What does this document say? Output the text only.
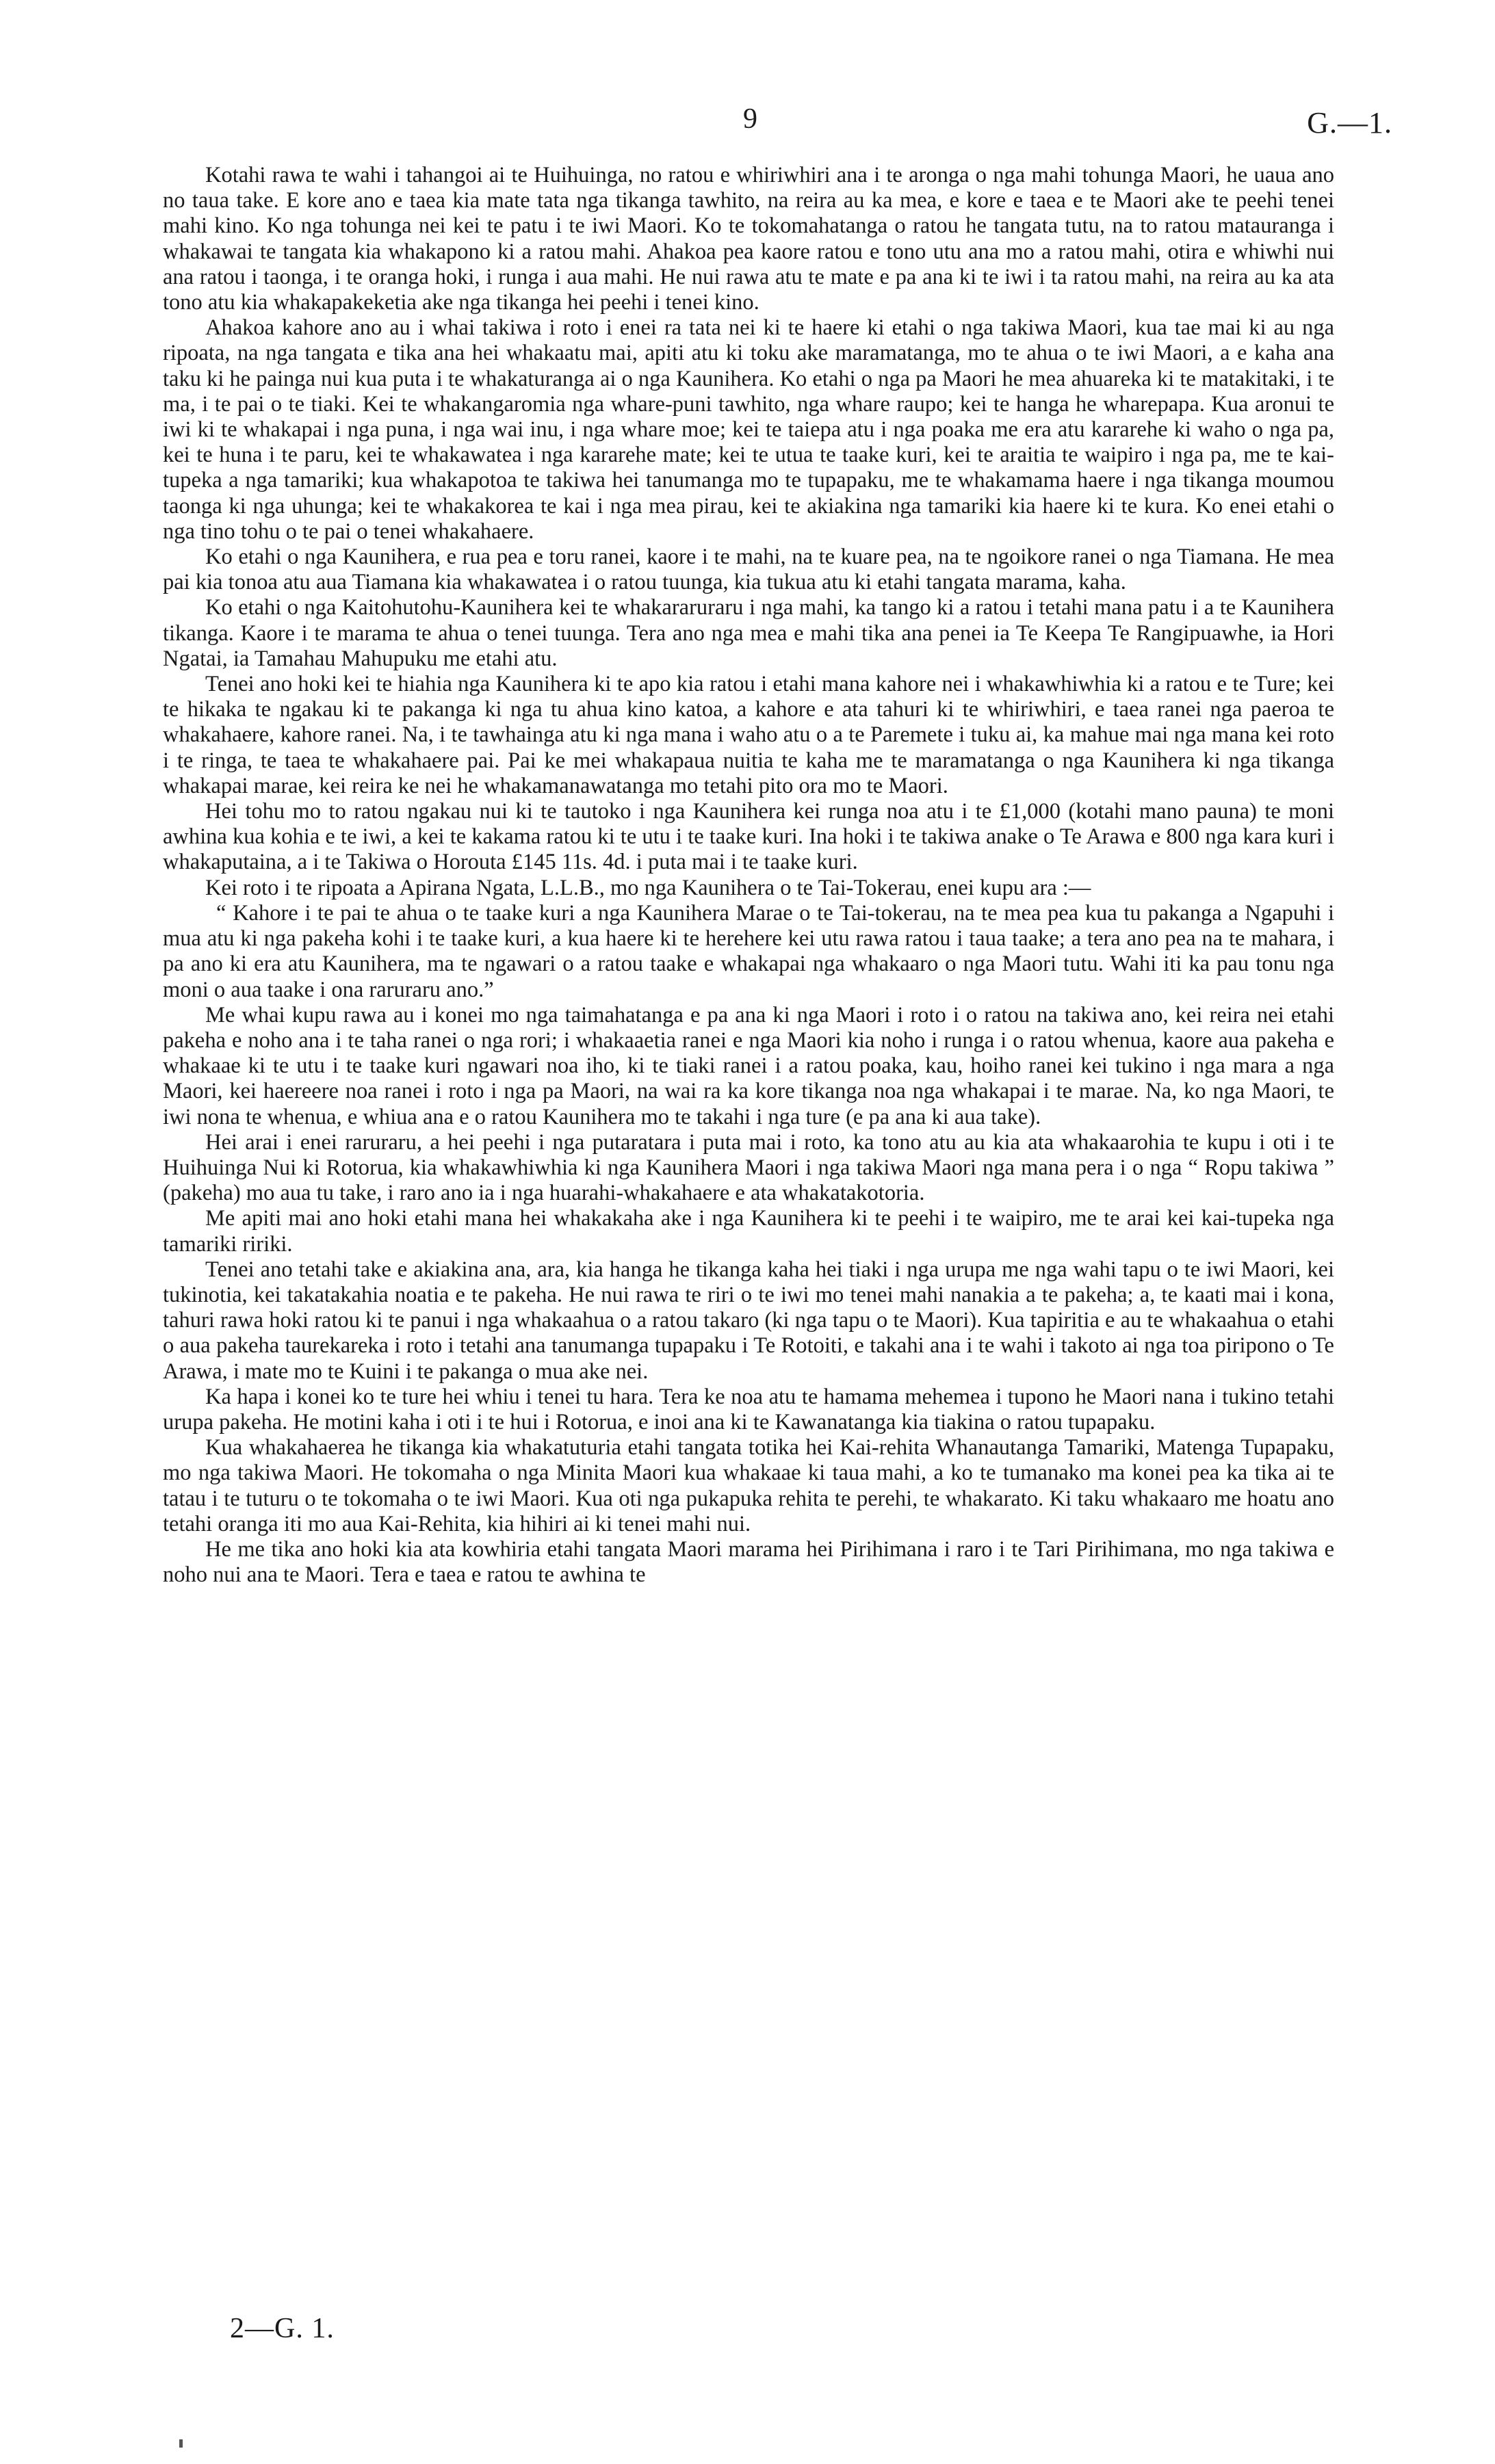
9	G.—1.

Kotahi rawa te wahi i tahangoi ai te Huihuinga, no ratou e whiriwhiri ana i te aronga o nga mahi tohunga Maori, he uaua ano no taua take. E kore ano e taea kia mate tata nga tikanga tawhito, na reira au ka mea, e kore e taea e te Maori ake te peehi tenei mahi kino. Ko nga tohunga nei kei te patu i te iwi Maori. Ko te tokomahatanga o ratou he tangata tutu, na to ratou matauranga i whakawai te tangata kia whakapono ki a ratou mahi. Ahakoa pea kaore ratou e tono utu ana mo a ratou mahi, otira e whiwhi nui ana ratou i taonga, i te oranga hoki, i runga i aua mahi. He nui rawa atu te mate e pa ana ki te iwi i ta ratou mahi, na reira au ka ata tono atu kia whakapakeketia ake nga tikanga hei peehi i tenei kino.

Ahakoa kahore ano au i whai takiwa i roto i enei ra tata nei ki te haere ki etahi o nga takiwa Maori, kua tae mai ki au nga ripoata, na nga tangata e tika ana hei whakaatu mai, apiti atu ki toku ake maramatanga, mo te ahua o te iwi Maori, a e kaha ana taku ki he painga nui kua puta i te whakaturanga ai o nga Kaunihera. Ko etahi o nga pa Maori he mea ahuareka ki te matakitaki, i te ma, i te pai o te tiaki. Kei te whakangaromia nga whare-puni tawhito, nga whare raupo; kei te hanga he wharepapa. Kua aronui te iwi ki te whakapai i nga puna, i nga wai inu, i nga whare moe; kei te taiepa atu i nga poaka me era atu kararehe ki waho o nga pa, kei te huna i te paru, kei te whakawatea i nga kararehe mate; kei te utua te taake kuri, kei te araitia te waipiro i nga pa, me te kai-tupeka a nga tamariki; kua whakapotoa te takiwa hei tanumanga mo te tupapaku, me te whakamama haere i nga tikanga moumou taonga ki nga uhunga; kei te whakakorea te kai i nga mea pirau, kei te akiakina nga tamariki kia haere ki te kura. Ko enei etahi o nga tino tohu o te pai o tenei whakahaere.

Ko etahi o nga Kaunihera, e rua pea e toru ranei, kaore i te mahi, na te kuare pea, na te ngoikore ranei o nga Tiamana. He mea pai kia tonoa atu aua Tiamana kia whakawatea i o ratou tuunga, kia tukua atu ki etahi tangata marama, kaha.

Ko etahi o nga Kaitohutohu-Kaunihera kei te whakararuraru i nga mahi, ka tango ki a ratou i tetahi mana patu i a te Kaunihera tikanga. Kaore i te marama te ahua o tenei tuunga. Tera ano nga mea e mahi tika ana penei ia Te Keepa Te Rangipuawhe, ia Hori Ngatai, ia Tamahau Mahupuku me etahi atu.

Tenei ano hoki kei te hiahia nga Kaunihera ki te apo kia ratou i etahi mana kahore nei i whakawhiwhia ki a ratou e te Ture; kei te hikaka te ngakau ki te pakanga ki nga tu ahua kino katoa, a kahore e ata tahuri ki te whiriwhiri, e taea ranei nga paeroa te whakahaere, kahore ranei. Na, i te tawhainga atu ki nga mana i waho atu o a te Paremete i tuku ai, ka mahue mai nga mana kei roto i te ringa, te taea te whakahaere pai. Pai ke mei whakapaua nuitia te kaha me te maramatanga o nga Kaunihera ki nga tikanga whakapai marae, kei reira ke nei he whakamanawatanga mo tetahi pito ora mo te Maori.

Hei tohu mo to ratou ngakau nui ki te tautoko i nga Kaunihera kei runga noa atu i te £1,000 (kotahi mano pauna) te moni awhina kua kohia e te iwi, a kei te kakama ratou ki te utu i te taake kuri. Ina hoki i te takiwa anake o Te Arawa e 800 nga kara kuri i whakaputaina, a i te Takiwa o Horouta £145 11s. 4d. i puta mai i te taake kuri.

Kei roto i te ripoata a Apirana Ngata, L.L.B., mo nga Kaunihera o te Tai-Tokerau, enei kupu ara :—

“ Kahore i te pai te ahua o te taake kuri a nga Kaunihera Marae o te Tai-tokerau, na te mea pea kua tu pakanga a Ngapuhi i mua atu ki nga pakeha kohi i te taake kuri, a kua haere ki te herehere kei utu rawa ratou i taua taake; a tera ano pea na te mahara, i pa ano ki era atu Kaunihera, ma te ngawari o a ratou taake e whakapai nga whakaaro o nga Maori tutu. Wahi iti ka pau tonu nga moni o aua taake i ona raruraru ano.”

Me whai kupu rawa au i konei mo nga taimahatanga e pa ana ki nga Maori i roto i o ratou na takiwa ano, kei reira nei etahi pakeha e noho ana i te taha ranei o nga rori; i whakaaetia ranei e nga Maori kia noho i runga i o ratou whenua, kaore aua pakeha e whakaae ki te utu i te taake kuri ngawari noa iho, ki te tiaki ranei i a ratou poaka, kau, hoiho ranei kei tukino i nga mara a nga Maori, kei haereere noa ranei i roto i nga pa Maori, na wai ra ka kore tikanga noa nga whakapai i te marae. Na, ko nga Maori, te iwi nona te whenua, e whiua ana e o ratou Kaunihera mo te takahi i nga ture (e pa ana ki aua take).

Hei arai i enei raruraru, a hei peehi i nga putaratara i puta mai i roto, ka tono atu au kia ata whakaarohia te kupu i oti i te Huihuinga Nui ki Rotorua, kia whakawhiwhia ki nga Kaunihera Maori i nga takiwa Maori nga mana pera i o nga “ Ropu takiwa ” (pakeha) mo aua tu take, i raro ano ia i nga huarahi-whakahaere e ata whakatakotoria.

Me apiti mai ano hoki etahi mana hei whakakaha ake i nga Kaunihera ki te peehi i te waipiro, me te arai kei kai-tupeka nga tamariki ririki.

Tenei ano tetahi take e akiakina ana, ara, kia hanga he tikanga kaha hei tiaki i nga urupa me nga wahi tapu o te iwi Maori, kei tukinotia, kei takatakahia noatia e te pakeha. He nui rawa te riri o te iwi mo tenei mahi nanakia a te pakeha; a, te kaati mai i kona, tahuri rawa hoki ratou ki te panui i nga whakaahua o a ratou takaro (ki nga tapu o te Maori). Kua tapiritia e au te whakaahua o etahi o aua pakeha taurekareka i roto i tetahi ana tanumanga tupapaku i Te Rotoiti, e takahi ana i te wahi i takoto ai nga toa piripono o Te Arawa, i mate mo te Kuini i te pakanga o mua ake nei.

Ka hapa i konei ko te ture hei whiu i tenei tu hara. Tera ke noa atu te hamama mehemea i tupono he Maori nana i tukino tetahi urupa pakeha. He motini kaha i oti i te hui i Rotorua, e inoi ana ki te Kawanatanga kia tiakina o ratou tupapaku.

Kua whakahaerea he tikanga kia whakatuturia etahi tangata totika hei Kai-rehita Whanautanga Tamariki, Matenga Tupapaku, mo nga takiwa Maori. He tokomaha o nga Minita Maori kua whakaae ki taua mahi, a ko te tumanako ma konei pea ka tika ai te tatau i te tuturu o te tokomaha o te iwi Maori. Kua oti nga pukapuka rehita te perehi, te whakarato. Ki taku whakaaro me hoatu ano tetahi oranga iti mo aua Kai-Rehita, kia hihiri ai ki tenei mahi nui.

He me tika ano hoki kia ata kowhiria etahi tangata Maori marama hei Pirihimana i raro i te Tari Pirihimana, mo nga takiwa e noho nui ana te Maori. Tera e taea e ratou te awhina te

2—G. 1.
